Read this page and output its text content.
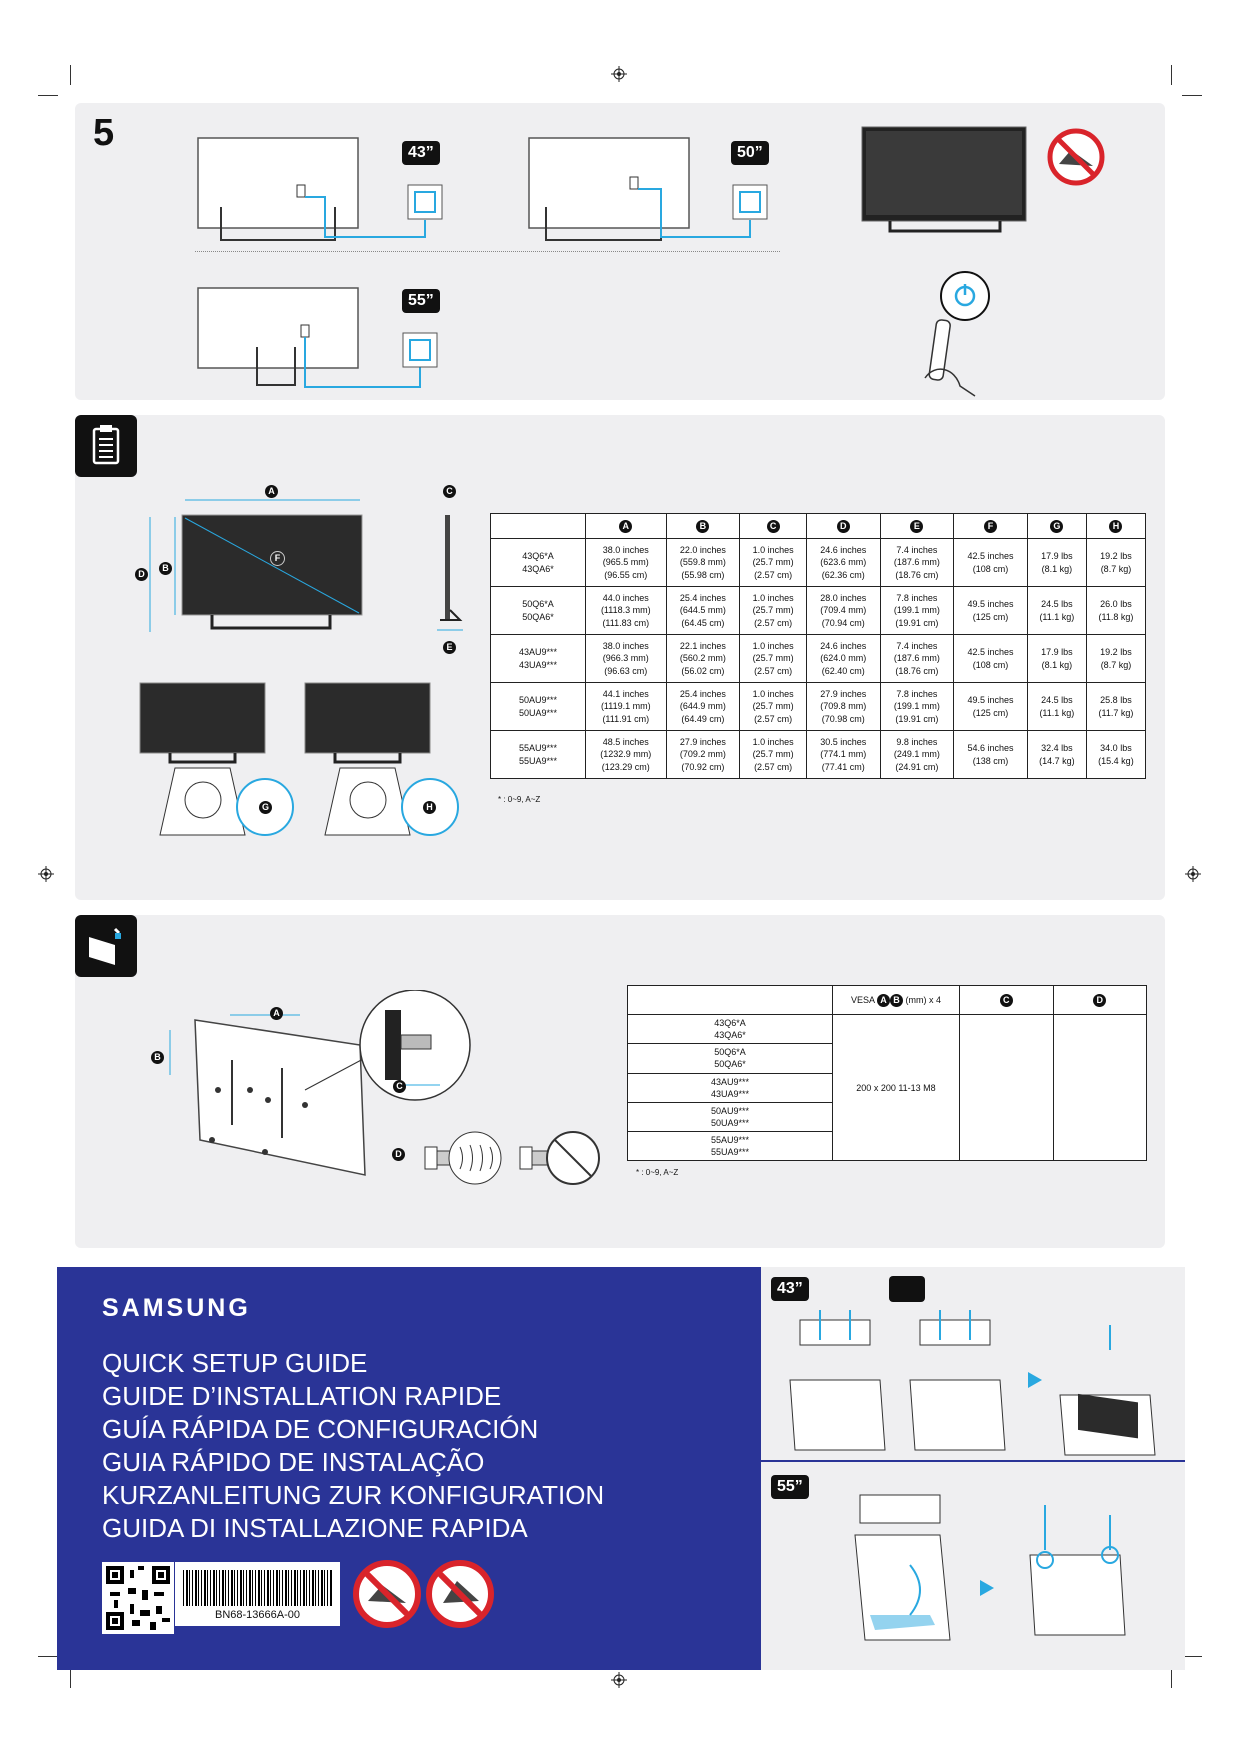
5	43”	50”
55”
A
B
D
F
C
E
G	H
	A	B	C	D	E	F	G	H
43Q6*A
43QA6*	38.0 inches
(965.5 mm)
(96.55 cm)	22.0 inches
(559.8 mm)
(55.98 cm)	1.0 inches
(25.7 mm)
(2.57 cm)	24.6 inches
(623.6 mm)
(62.36 cm)	7.4 inches
(187.6 mm)
(18.76 cm)	42.5 inches
(108 cm)	17.9 lbs
(8.1 kg)	19.2 lbs
(8.7 kg)
50Q6*A
50QA6*	44.0 inches
(1118.3 mm)
(111.83 cm)	25.4 inches
(644.5 mm)
(64.45 cm)	1.0 inches
(25.7 mm)
(2.57 cm)	28.0 inches
(709.4 mm)
(70.94 cm)	7.8 inches
(199.1 mm)
(19.91 cm)	49.5 inches
(125 cm)	24.5 lbs
(11.1 kg)	26.0 lbs
(11.8 kg)
43AU9***
43UA9***	38.0 inches
(966.3 mm)
(96.63 cm)	22.1 inches
(560.2 mm)
(56.02 cm)	1.0 inches
(25.7 mm)
(2.57 cm)	24.6 inches
(624.0 mm)
(62.40 cm)	7.4 inches
(187.6 mm)
(18.76 cm)	42.5 inches
(108 cm)	17.9 lbs
(8.1 kg)	19.2 lbs
(8.7 kg)
50AU9***
50UA9***	44.1 inches
(1119.1 mm)
(111.91 cm)	25.4 inches
(644.9 mm)
(64.49 cm)	1.0 inches
(25.7 mm)
(2.57 cm)	27.9 inches
(709.8 mm)
(70.98 cm)	7.8 inches
(199.1 mm)
(19.91 cm)	49.5 inches
(125 cm)	24.5 lbs
(11.1 kg)	25.8 lbs
(11.7 kg)
55AU9***
55UA9***	48.5 inches
(1232.9 mm)
(123.29 cm)	27.9 inches
(709.2 mm)
(70.92 cm)	1.0 inches
(25.7 mm)
(2.57 cm)	30.5 inches
(774.1 mm)
(77.41 cm)	9.8 inches
(249.1 mm)
(24.91 cm)	54.6 inches
(138 cm)	32.4 lbs
(14.7 kg)	34.0 lbs
(15.4 kg)
* : 0~9, A~Z
A
B
C
D
	VESA A B (mm) x 4	C	D
43Q6*A
43QA6*	200 x 200 11-13 M8		
50Q6*A
50QA6*			
43AU9***
43UA9***			
50AU9***
50UA9***			
55AU9***
55UA9***			
* : 0~9, A~Z
SAMSUNG
QUICK SETUP GUIDE
GUIDE D’INSTALLATION RAPIDE
GUÍA RÁPIDA DE CONFIGURACIÓN
GUIA RÁPIDO DE INSTALAÇÃO
KURZANLEITUNG ZUR KONFIGURATION
GUIDA DI INSTALLAZIONE RAPIDA
BN68-13666A-00
43”
55”
